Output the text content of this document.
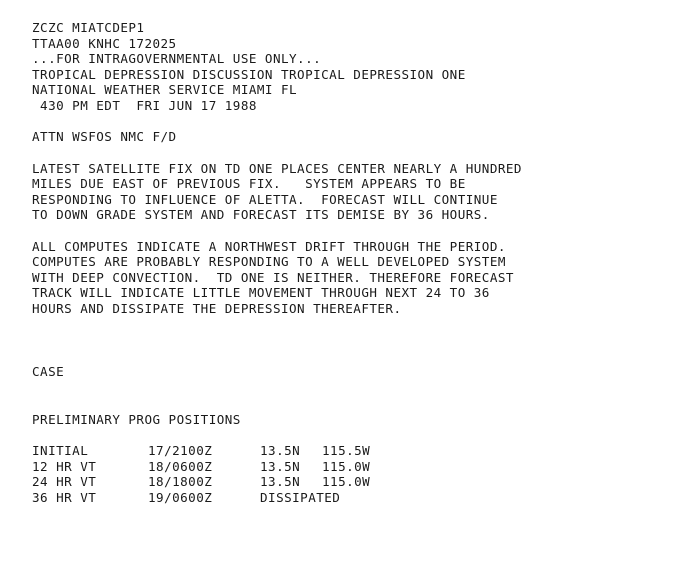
ZCZC MIATCDEP1
TTAA00 KNHC 172025
...FOR INTRAGOVERNMENTAL USE ONLY...
TROPICAL DEPRESSION DISCUSSION TROPICAL DEPRESSION ONE
NATIONAL WEATHER SERVICE MIAMI FL
430 PM EDT  FRI JUN 17 1988
ATTN WSFOS NMC F/D
LATEST SATELLITE FIX ON TD ONE PLACES CENTER NEARLY A HUNDRED
MILES DUE EAST OF PREVIOUS FIX.   SYSTEM APPEARS TO BE
RESPONDING TO INFLUENCE OF ALETTA.  FORECAST WILL CONTINUE
TO DOWN GRADE SYSTEM AND FORECAST ITS DEMISE BY 36 HOURS.
ALL COMPUTES INDICATE A NORTHWEST DRIFT THROUGH THE PERIOD.
COMPUTES ARE PROBABLY RESPONDING TO A WELL DEVELOPED SYSTEM
WITH DEEP CONVECTION.  TD ONE IS NEITHER. THEREFORE FORECAST
TRACK WILL INDICATE LITTLE MOVEMENT THROUGH NEXT 24 TO 36
HOURS AND DISSIPATE THE DEPRESSION THEREAFTER.
CASE
PRELIMINARY PROG POSITIONS
INITIAL	17/2100Z	13.5N	115.5W
12 HR VT	18/0600Z	13.5N	115.0W
24 HR VT	18/1800Z	13.5N	115.0W
36 HR VT	19/0600Z	DISSIPATED	
